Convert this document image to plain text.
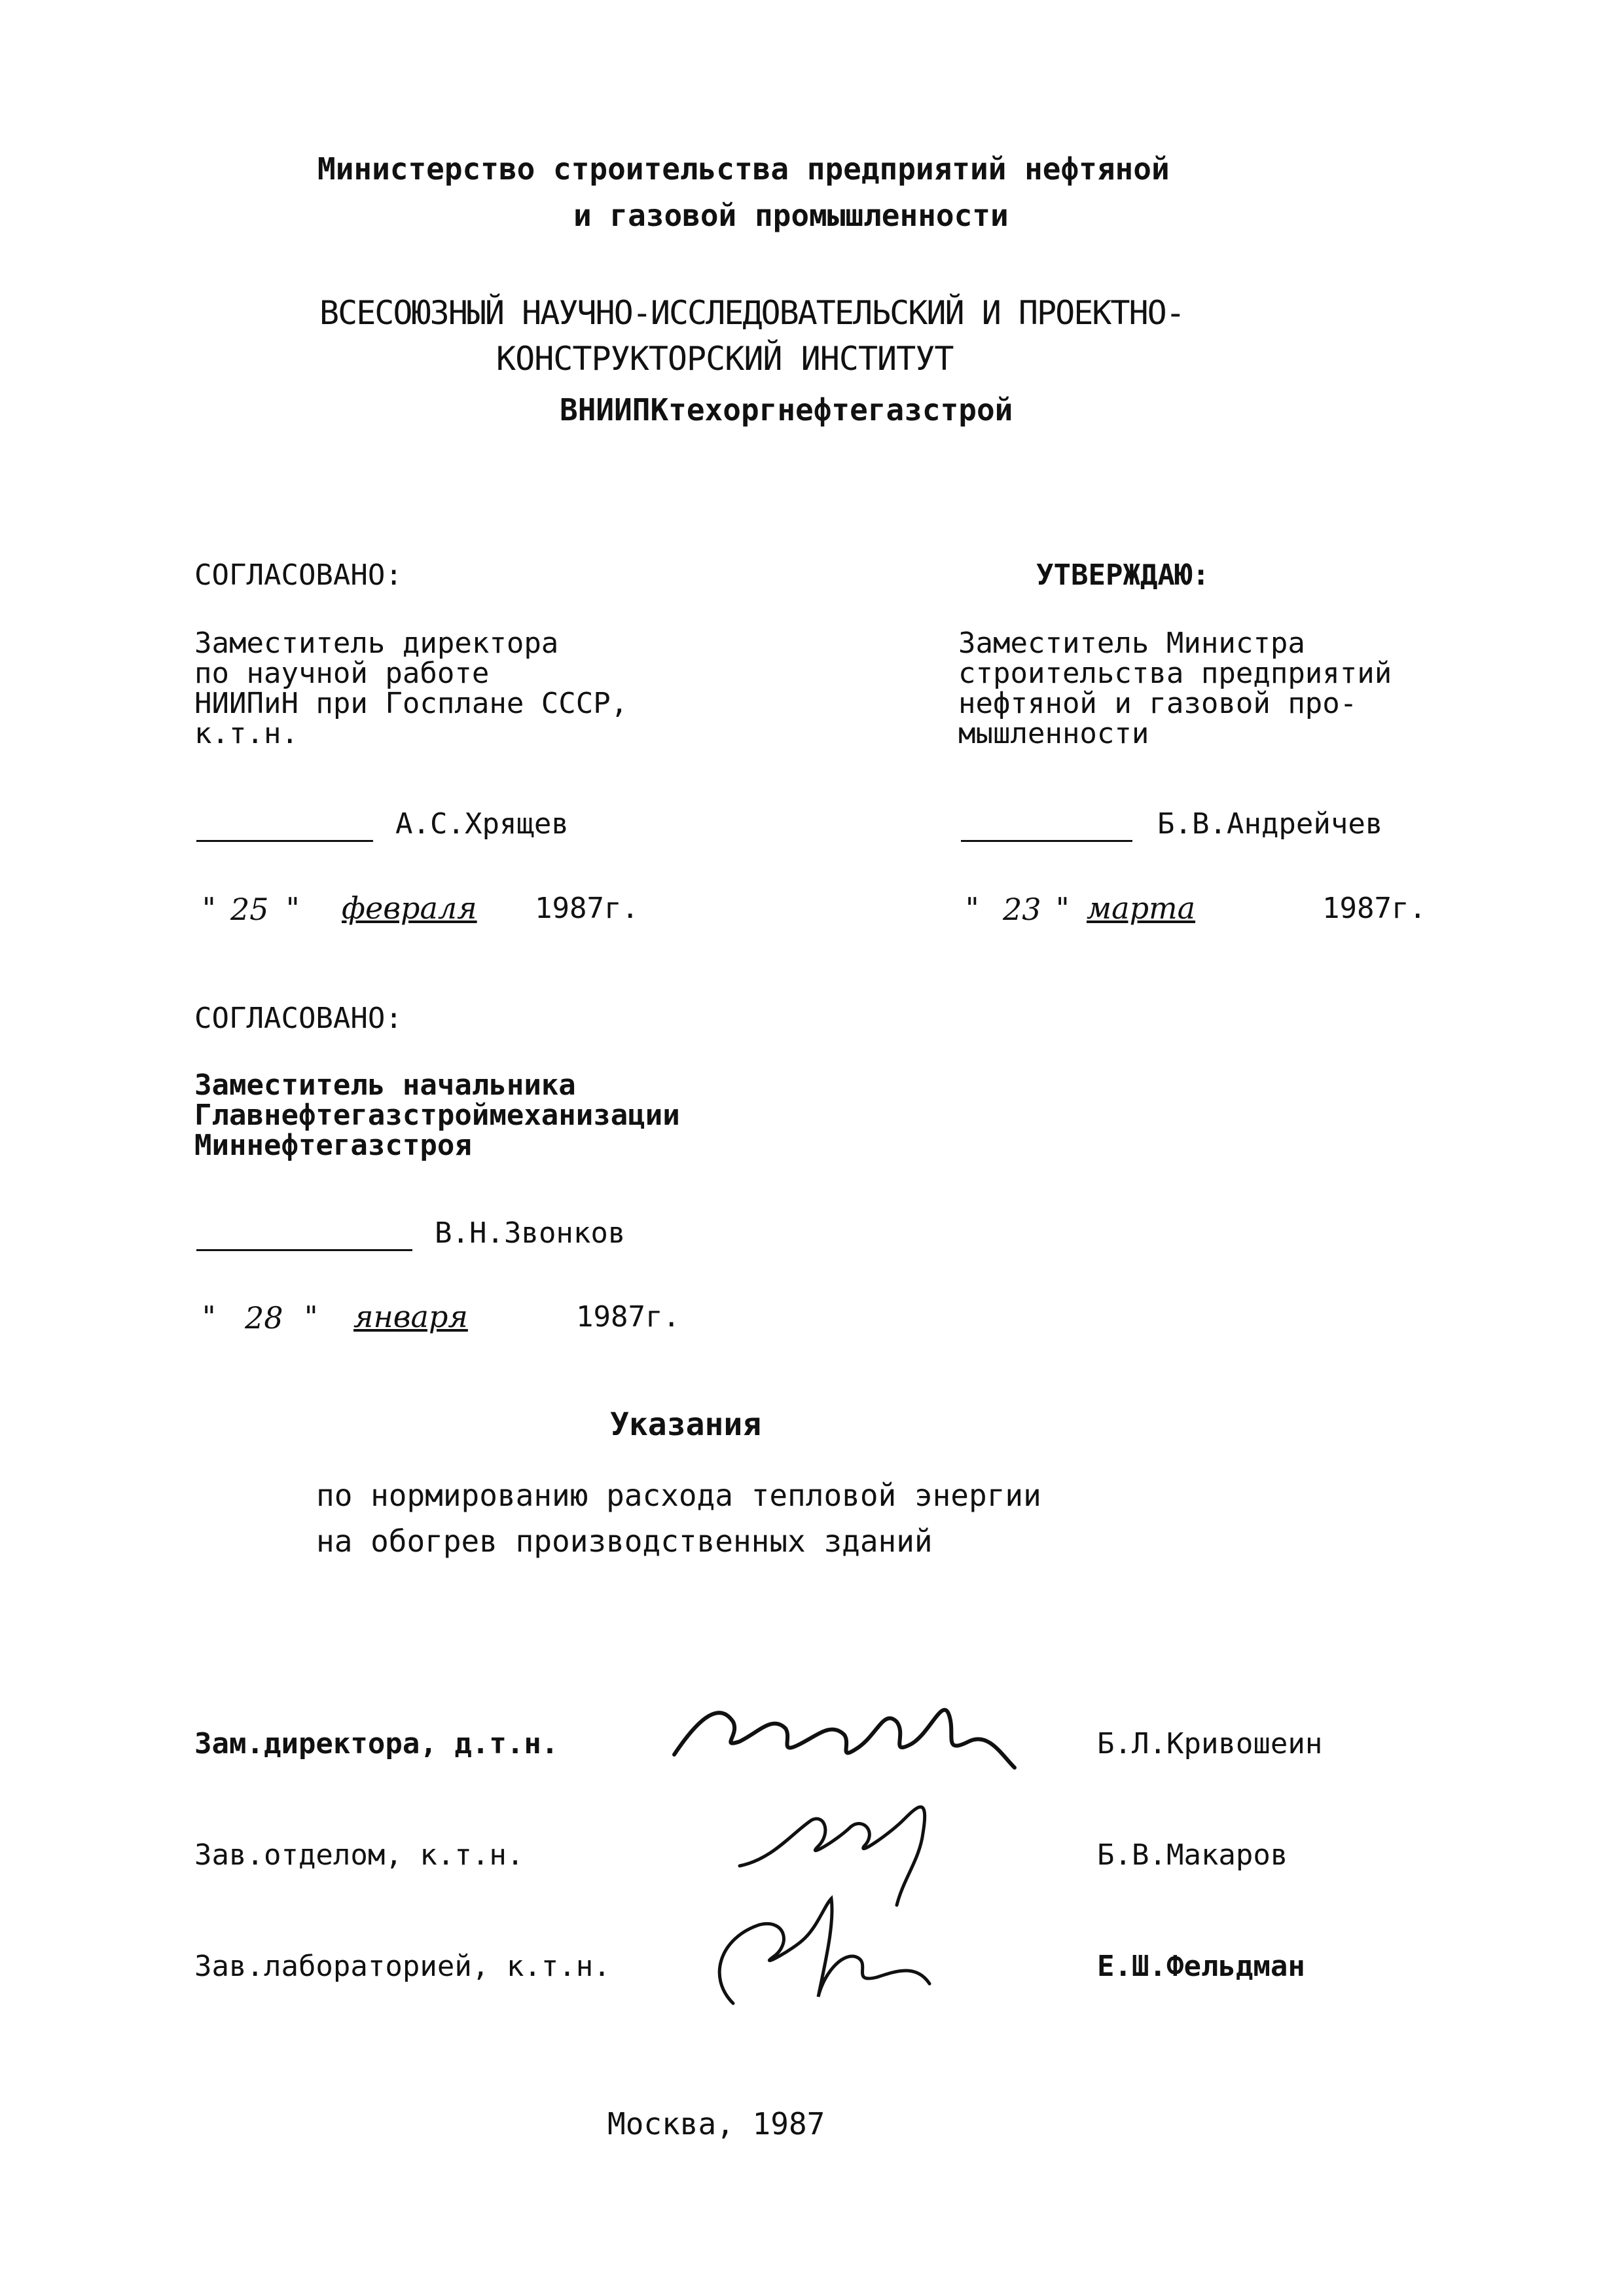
Министерство строительства предприятий нефтяной
и газовой промышленности
ВСЕСОЮЗНЫЙ НАУЧНО-ИССЛЕДОВАТЕЛЬСКИЙ И ПРОЕКТНО-
КОНСТРУКТОРСКИЙ ИНСТИТУТ
ВНИИПКтехоргнефтегазстрой
СОГЛАСОВАНО:
Заместитель директора
по научной работе
НИИПиН при Госплане СССР,
к.т.н.
А.С.Хрящев
" 25 " февраля 1987г.
УТВЕРЖДАЮ:
Заместитель Министра
строительства предприятий
нефтяной и газовой про-
мышленности
Б.В.Андрейчев
" 23 " марта	1987г.
СОГЛАСОВАНО:
Заместитель начальника
Главнефтегазстроймеханизации
Миннефтегазстроя
В.Н.Звонков
" 28 " января	1987г.
Указания
по нормированию расхода тепловой энергии
на обогрев производственных зданий
Зам.директора, д.т.н.	Б.Л.Кривошеин
Зав.отделом, к.т.н.	Б.В.Макаров
Зав.лабораторией, к.т.н.	Е.Ш.Фельдман
Москва, 1987
